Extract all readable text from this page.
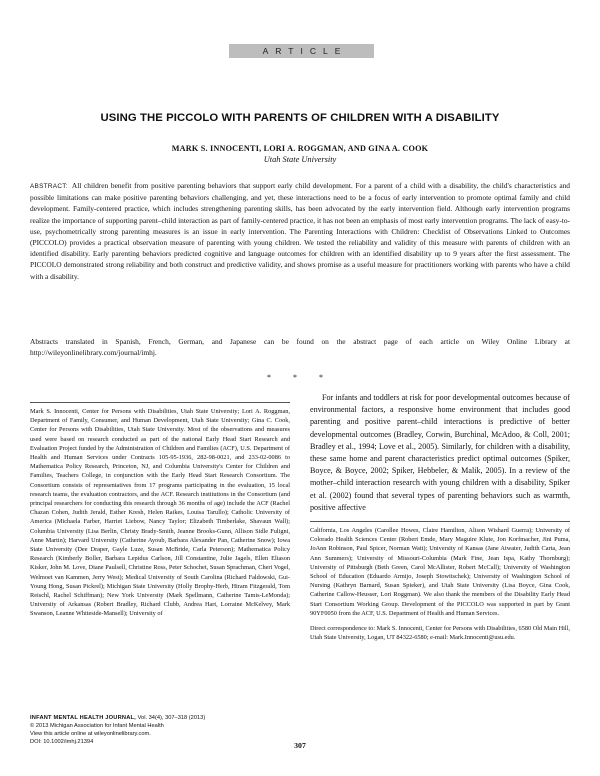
ARTICLE
USING THE PICCOLO WITH PARENTS OF CHILDREN WITH A DISABILITY
MARK S. INNOCENTI, LORI A. ROGGMAN, AND GINA A. COOK
Utah State University

ABSTRACT: All children benefit from positive parenting behaviors that support early child development. For a parent of a child with a disability, the child's characteristics and possible limitations can make positive parenting behaviors challenging, and yet, these interactions need to be a focus of early intervention to promote optimal family and child development. Family-centered practice, which includes strengthening parenting skills, has been advocated by the early intervention field. Although early intervention programs realize the importance of supporting parent–child interaction as part of family-centered practice, it has not been an emphasis of most early intervention programs. The lack of easy-to-use, psychometrically strong parenting measures is an issue in early intervention. The Parenting Interactions with Children: Checklist of Observations Linked to Outcomes (PICCOLO) provides a practical observation measure of parenting with young children. We tested the reliability and validity of this measure with parents of children with an identified disability. Early parenting behaviors predicted cognitive and language outcomes for children with an identified disability up to 9 years after the first assessment. The PICCOLO demonstrated strong reliability and both construct and predictive validity, and shows promise as a useful measure for practitioners working with parents who have a child with a disability.

Abstracts translated in Spanish, French, German, and Japanese can be found on the abstract page of each article on Wiley Online Library at http://wileyonlinelibrary.com/journal/imhj.

* * *

Mark S. Innocenti, Center for Persons with Disabilities, Utah State University; Lori A. Roggman, Department of Family, Consumer, and Human Development, Utah State University; Gina C. Cook, Center for Persons with Disabilities, Utah State University. Most of the observations and measures used were based on research conducted as part of the national Early Head Start Research and Evaluation Project funded by the Administration of Children and Families (ACF), U.S. Department of Health and Human Services under Contracts 105-95-1936, 282-98-0021, and 233-02-0086 to Mathematica Policy Research, Princeton, NJ, and Columbia University's Center for Children and Families, Teachers College, in conjunction with the Early Head Start Research Consortium. The Consortium consists of representatives from 17 programs participating in the evaluation, 15 local research teams, the evaluation contractors, and the ACF. Research institutions in the Consortium (and principal researchers for conducting this research through 36 months of age) include the ACF (Rachel Chazan Cohen, Judith Jerald, Esther Kresh, Helen Raikes, Louisa Tarullo); Catholic University of America (Michaela Farber, Harriet Liebow, Nancy Taylor; Elizabeth Timberlake, Shavaun Wall); Columbia University (Lisa Berlin, Christy Brady-Smith, Jeanne Brooks-Gunn, Allison Sidle Fuligni, Anne Martin); Harvard University (Catherine Ayoub, Barbara Alexander Pan, Catherine Snow); Iowa State University (Dee Draper, Gayle Luze, Susan McBride, Carla Peterson); Mathematica Policy Research (Kimberly Boller, Barbara Lepidus Carlson, Jill Constantine, Julie Jagels, Ellen Eliason Kisker, John M. Love, Diane Paulsell, Christine Ross, Peter Schochet, Susan Sprachman, Cheri Vogel, Welmoet van Kammen, Jerry West); Medical University of South Carolina (Richard Faldowski, Gui-Young Hong, Susan Pickrel); Michigan State University (Holly Brophy-Herb, Hiram Fitzgerald, Tom Reischl, Rachel Schiffman); New York University (Mark Spellmann, Catherine Tamis-LeMonda); University of Arkansas (Robert Bradley, Richard Clubb, Andrea Hart, Lorraine McKelvey, Mark Swanson, Leanne Whiteside-Mansell); University of

For infants and toddlers at risk for poor developmental outcomes because of environmental factors, a responsive home environment that includes good parenting and positive parent–child interactions is predictive of better developmental outcomes (Bradley, Corwin, Burchinal, McAdoo, & Coll, 2001; Bradley et al., 1994; Love et al., 2005). Similarly, for children with a disability, these same home and parent characteristics predict optimal outcomes (Spiker, Boyce, & Boyce, 2002; Spiker, Hebbeler, & Malik, 2005). In a review of the mother–child interaction research with young children with a disability, Spiker et al. (2002) found that several types of parenting behaviors such as warmth, positive affective

California, Los Angeles (Carollee Howes, Claire Hamilton, Alison Wishard Guerra); University of Colorado Health Sciences Center (Robert Emde, Mary Maguire Klute, Jon Korfmacher, Jini Puma, JoAnn Robinson, Paul Spicer, Norman Watt); University of Kansas (Jane Atwater, Judith Carta, Jean Ann Summers); University of Missouri-Columbia (Mark Fine, Jean Ispa, Kathy Thornburg); University of Pittsburgh (Beth Green, Carol McAllister, Robert McCall); University of Washington School of Education (Eduardo Armijo, Joseph Stowitschek); University of Washington School of Nursing (Kathryn Barnard, Susan Spieker), and Utah State University (Lisa Boyce, Gina Cook, Catherine Callow-Heusser, Lori Roggman). We also thank the members of the Disability Early Head Start Consortium Working Group. Development of the PICCOLO was supported in part by Grant 90YF0050 from the ACF, U.S. Department of Health and Human Services.

Direct correspondence to: Mark S. Innocenti, Center for Persons with Disabilities, 6580 Old Main Hill, Utah State University, Logan, UT 84322-6580; e-mail: Mark.Innocenti@usu.edu.

INFANT MENTAL HEALTH JOURNAL, Vol. 34(4), 307–318 (2013)
© 2013 Michigan Association for Infant Mental Health
View this article online at wileyonlinelibrary.com.
DOI: 10.1002/imhj.21394	307
